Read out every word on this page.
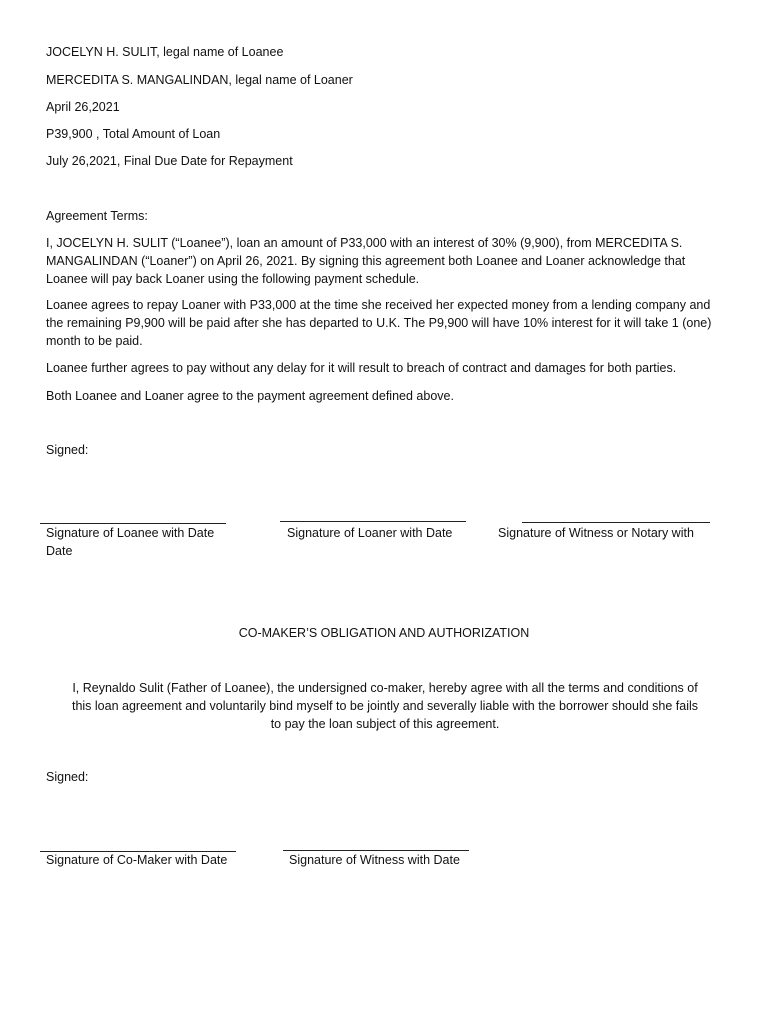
JOCELYN H. SULIT, legal name of Loanee
MERCEDITA S. MANGALINDAN, legal name of Loaner
April 26,2021
P39,900 , Total Amount of Loan
July 26,2021, Final Due Date for Repayment
Agreement Terms:
I, JOCELYN H. SULIT (“Loanee”), loan an amount of P33,000 with an interest of 30% (9,900), from MERCEDITA S. MANGALINDAN (“Loaner”) on April 26, 2021. By signing this agreement both Loanee and Loaner acknowledge that Loanee will pay back Loaner using the following payment schedule.
Loanee agrees to repay Loaner with P33,000 at the time she received her expected money from a lending company and the remaining P9,900 will be paid after she has departed to U.K. The P9,900 will have 10% interest for it will take 1 (one) month to be paid.
Loanee further agrees to pay without any delay for it will result to breach of contract and damages for both parties.
Both Loanee and Loaner agree to the payment agreement defined above.
Signed:
Signature of Loanee with Date
Date
Signature of Loaner with Date	Signature of Witness or Notary with
CO-MAKER’S OBLIGATION AND AUTHORIZATION
I, Reynaldo Sulit (Father of Loanee), the undersigned co-maker, hereby agree with all the terms and conditions of
this loan agreement and voluntarily bind myself to be jointly and severally liable with the borrower should she fails
to pay the loan subject of this agreement.
Signed:
Signature of Co-Maker with Date	Signature of Witness with Date
